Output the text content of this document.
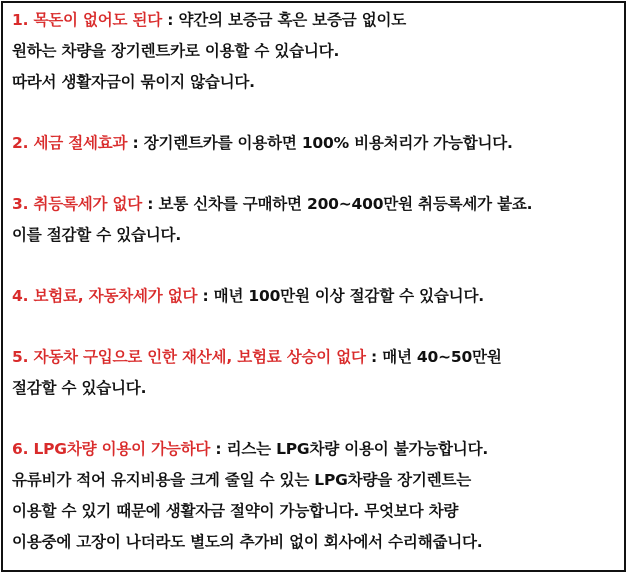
1. 목돈이 없어도 된다 : 약간의 보증금 혹은 보증금 없이도
원하는 차량을 장기렌트카로 이용할 수 있습니다.
따라서 생활자금이 묶이지 않습니다.
2. 세금 절세효과 : 장기렌트카를 이용하면 100% 비용처리가 가능합니다.
3. 취등록세가 없다 : 보통 신차를 구매하면 200~400만원 취등록세가 붙죠.
이를 절감할 수 있습니다.
4. 보험료, 자동차세가 없다 : 매년 100만원 이상 절감할 수 있습니다.
5. 자동차 구입으로 인한 재산세, 보험료 상승이 없다 : 매년 40~50만원
절감할 수 있습니다.
6. LPG차량 이용이 가능하다 : 리스는 LPG차량 이용이 불가능합니다.
유류비가 적어 유지비용을 크게 줄일 수 있는 LPG차량을 장기렌트는
이용할 수 있기 때문에 생활자금 절약이 가능합니다. 무엇보다 차량
이용중에 고장이 나더라도 별도의 추가비 없이 회사에서 수리해줍니다.
